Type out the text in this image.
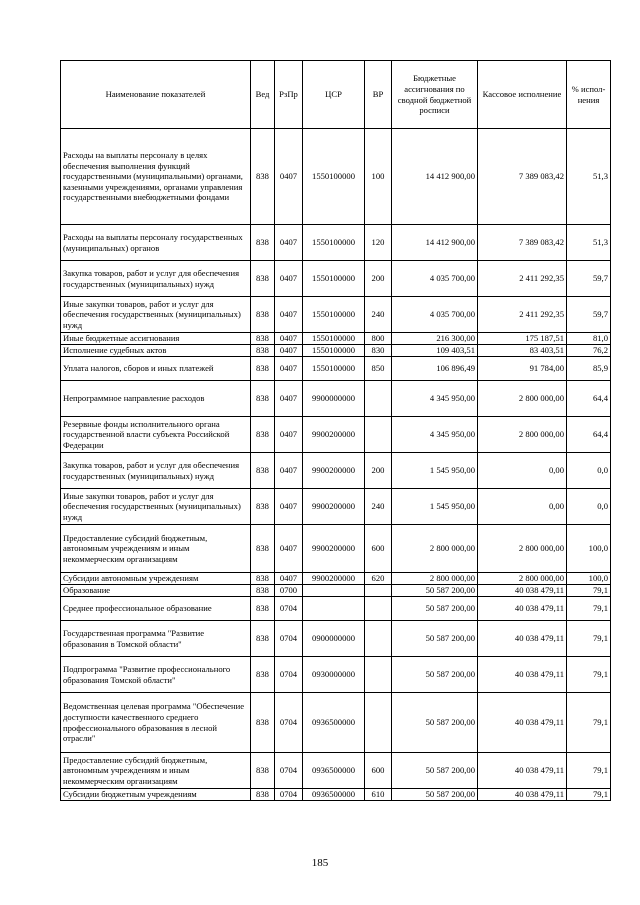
Наименование показателей	Вед	РзПр	ЦСР	ВР	Бюджетные ассигнования по сводной бюджетной росписи	Кассовое исполнение	% испол-нения
Расходы на выплаты персоналу в целях обеспечения выполнения функций государственными (муниципальными) органами, казенными учреждениями, органами управления государственными внебюджетными фондами	838	0407	1550100000	100	14 412 900,00	7 389 083,42	51,3
Расходы на выплаты персоналу государственных (муниципальных) органов	838	0407	1550100000	120	14 412 900,00	7 389 083,42	51,3
Закупка товаров, работ и услуг для обеспечения государственных (муниципальных) нужд	838	0407	1550100000	200	4 035 700,00	2 411 292,35	59,7
Иные закупки товаров, работ и услуг для обеспечения государственных (муниципальных) нужд	838	0407	1550100000	240	4 035 700,00	2 411 292,35	59,7
Иные бюджетные ассигнования	838	0407	1550100000	800	216 300,00	175 187,51	81,0
Исполнение судебных актов	838	0407	1550100000	830	109 403,51	83 403,51	76,2
Уплата налогов, сборов и иных платежей	838	0407	1550100000	850	106 896,49	91 784,00	85,9
Непрограммное направление расходов	838	0407	9900000000		4 345 950,00	2 800 000,00	64,4
Резервные фонды исполнительного органа государственной власти субъекта Российской Федерации	838	0407	9900200000		4 345 950,00	2 800 000,00	64,4
Закупка товаров, работ и услуг для обеспечения государственных (муниципальных) нужд	838	0407	9900200000	200	1 545 950,00	0,00	0,0
Иные закупки товаров, работ и услуг для обеспечения государственных (муниципальных) нужд	838	0407	9900200000	240	1 545 950,00	0,00	0,0
Предоставление субсидий бюджетным, автономным учреждениям и иным некоммерческим организациям	838	0407	9900200000	600	2 800 000,00	2 800 000,00	100,0
Субсидии автономным учреждениям	838	0407	9900200000	620	2 800 000,00	2 800 000,00	100,0
Образование	838	0700			50 587 200,00	40 038 479,11	79,1
Среднее профессиональное образование	838	0704			50 587 200,00	40 038 479,11	79,1
Государственная программа "Развитие образования в Томской области"	838	0704	0900000000		50 587 200,00	40 038 479,11	79,1
Подпрограмма "Развитие профессионального образования Томской области"	838	0704	0930000000		50 587 200,00	40 038 479,11	79,1
Ведомственная целевая программа "Обеспечение доступности качественного среднего профессионального образования в лесной отрасли"	838	0704	0936500000		50 587 200,00	40 038 479,11	79,1
Предоставление субсидий бюджетным, автономным учреждениям и иным некоммерческим организациям	838	0704	0936500000	600	50 587 200,00	40 038 479,11	79,1
Субсидии бюджетным учреждениям	838	0704	0936500000	610	50 587 200,00	40 038 479,11	79,1
185
